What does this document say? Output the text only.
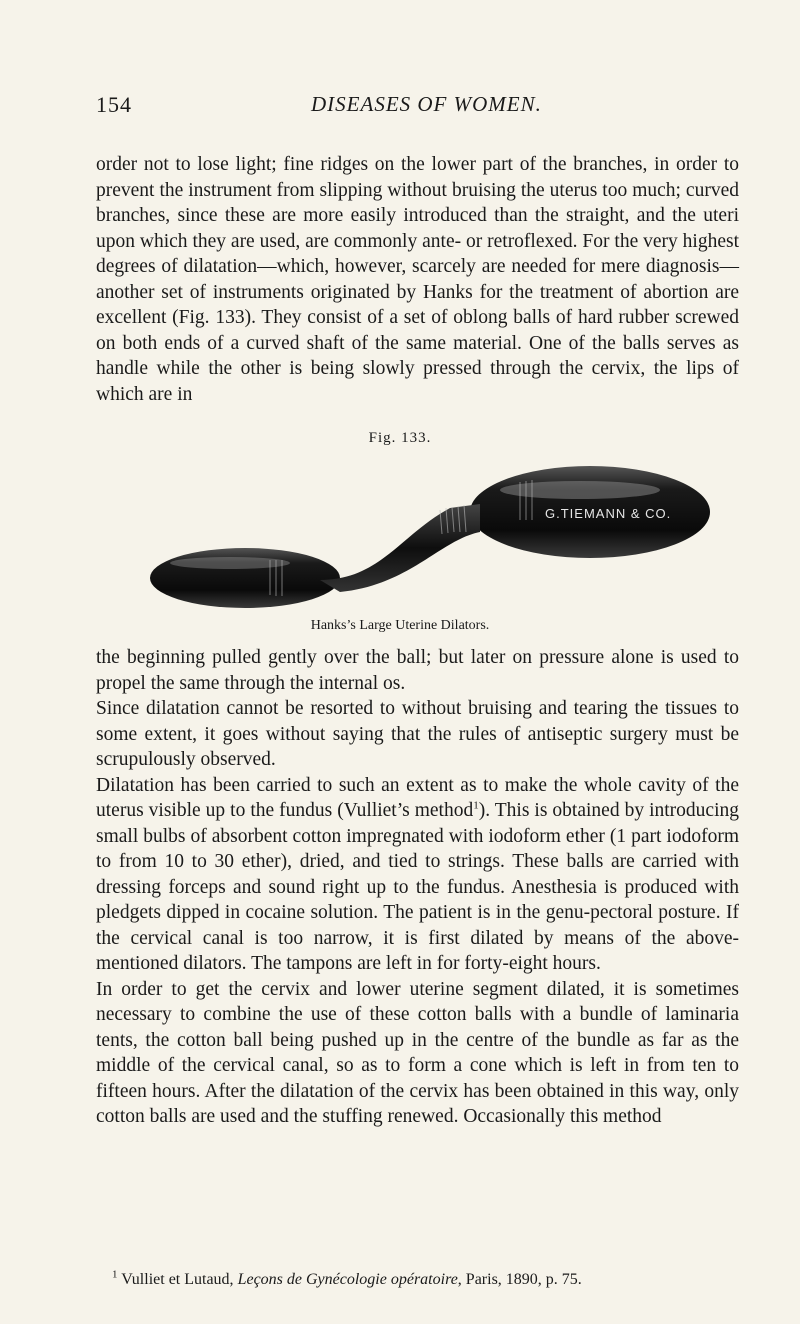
154	DISEASES OF WOMEN.

order not to lose light; fine ridges on the lower part of the branches, in order to prevent the instrument from slipping without bruising the uterus too much; curved branches, since these are more easily introduced than the straight, and the uteri upon which they are used, are commonly ante- or retroflexed. For the very highest degrees of dilatation—which, however, scarcely are needed for mere diagnosis—another set of instruments originated by Hanks for the treatment of abortion are excellent (Fig. 133). They consist of a set of oblong balls of hard rubber screwed on both ends of a curved shaft of the same material. One of the balls serves as handle while the other is being slowly pressed through the cervix, the lips of which are in

Fig. 133.
G.TIEMANN & CO.
Hanks’s Large Uterine Dilators.

the beginning pulled gently over the ball; but later on pressure alone is used to propel the same through the internal os.

Since dilatation cannot be resorted to without bruising and tearing the tissues to some extent, it goes without saying that the rules of antiseptic surgery must be scrupulously observed.

Dilatation has been carried to such an extent as to make the whole cavity of the uterus visible up to the fundus (Vulliet’s method$^1$). This is obtained by introducing small bulbs of absorbent cotton impregnated with iodoform ether (1 part iodoform to from 10 to 30 ether), dried, and tied to strings. These balls are carried with dressing forceps and sound right up to the fundus. Anesthesia is produced with pledgets dipped in cocaine solution. The patient is in the genu-pectoral posture. If the cervical canal is too narrow, it is first dilated by means of the above-mentioned dilators. The tampons are left in for forty-eight hours.

In order to get the cervix and lower uterine segment dilated, it is sometimes necessary to combine the use of these cotton balls with a bundle of laminaria tents, the cotton ball being pushed up in the centre of the bundle as far as the middle of the cervical canal, so as to form a cone which is left in from ten to fifteen hours. After the dilatation of the cervix has been obtained in this way, only cotton balls are used and the stuffing renewed. Occasionally this method

$^1$ Vulliet et Lutaud, Leçons de Gynécologie opératoire, Paris, 1890, p. 75.
